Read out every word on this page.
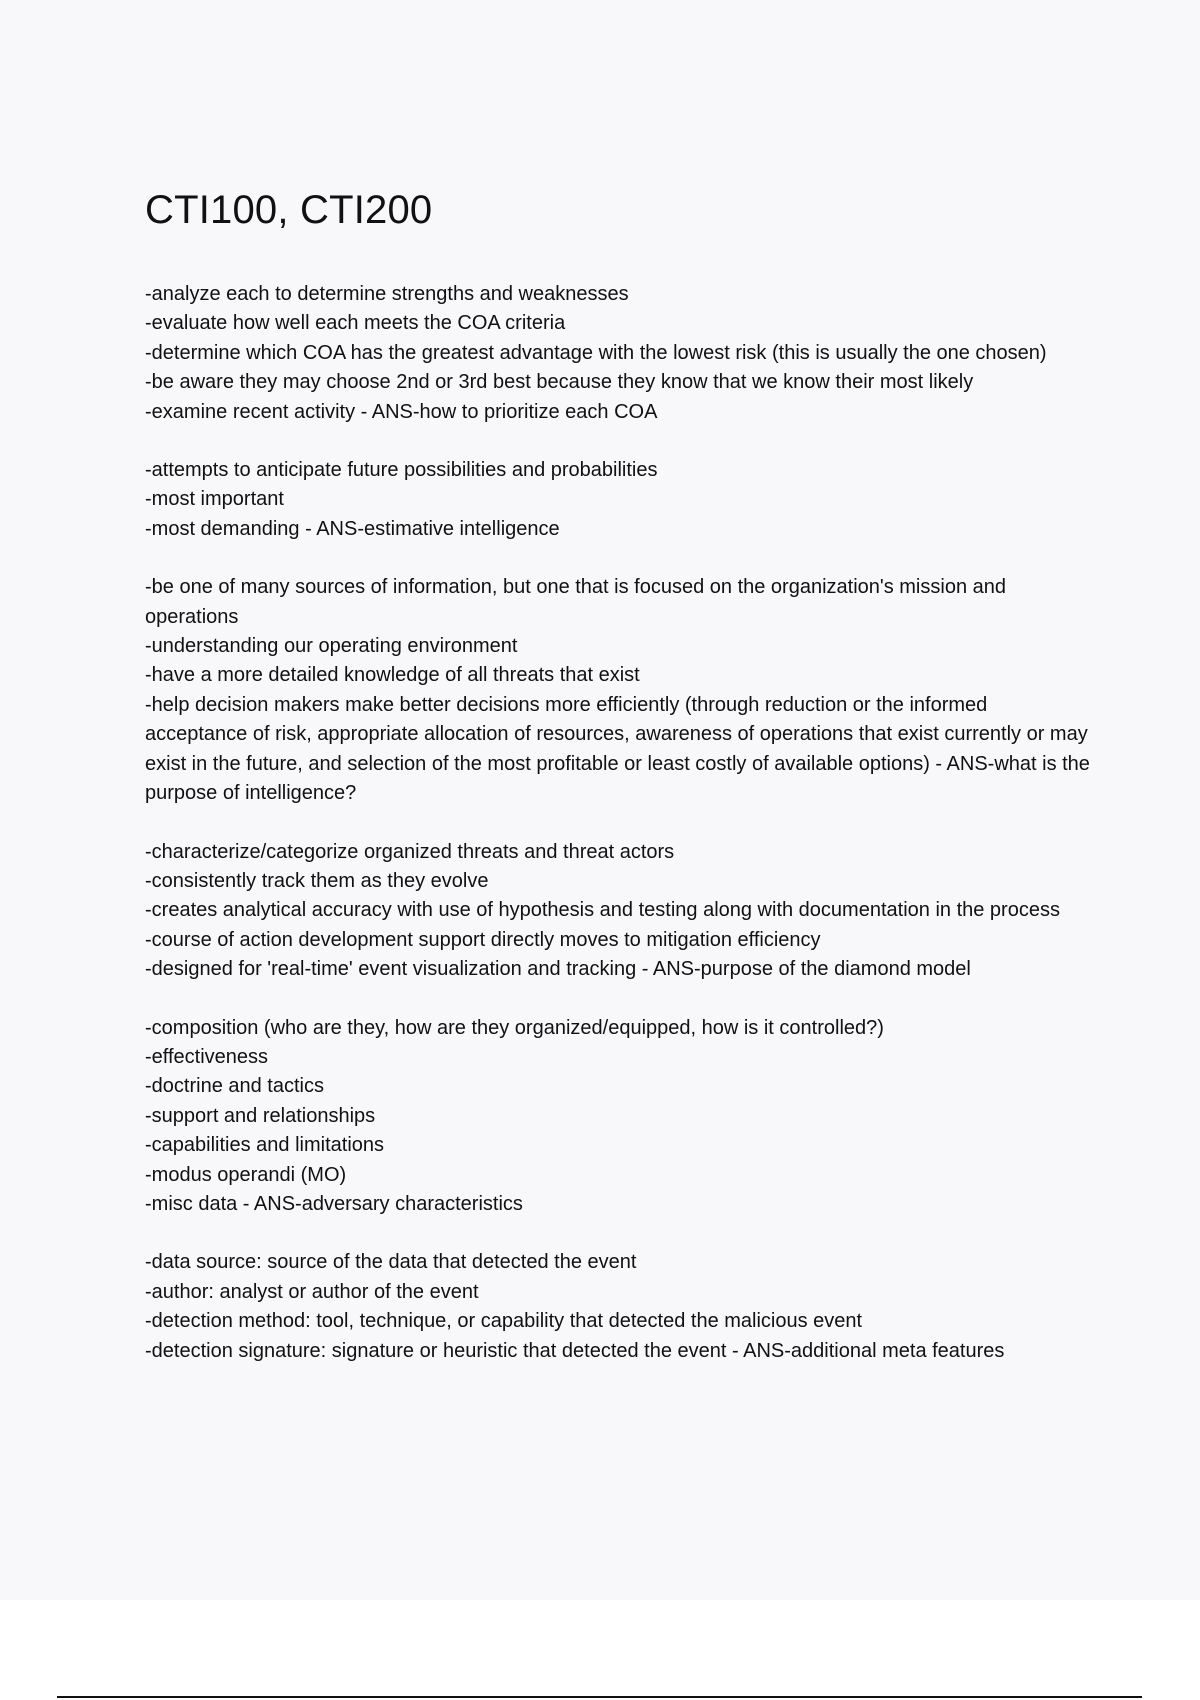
CTI100, CTI200

-analyze each to determine strengths and weaknesses

-evaluate how well each meets the COA criteria

-determine which COA has the greatest advantage with the lowest risk (this is usually the one chosen)

-be aware they may choose 2nd or 3rd best because they know that we know their most likely

-examine recent activity - ANS-how to prioritize each COA

-attempts to anticipate future possibilities and probabilities

-most important

-most demanding - ANS-estimative intelligence

-be one of many sources of information, but one that is focused on the organization's mission and operations

-understanding our operating environment

-have a more detailed knowledge of all threats that exist

-help decision makers make better decisions more efficiently (through reduction or the informed acceptance of risk, appropriate allocation of resources, awareness of operations that exist currently or may exist in the future, and selection of the most profitable or least costly of available options) - ANS-what is the purpose of intelligence?

-characterize/categorize organized threats and threat actors

-consistently track them as they evolve

-creates analytical accuracy with use of hypothesis and testing along with documentation in the process

-course of action development support directly moves to mitigation efficiency

-designed for 'real-time' event visualization and tracking - ANS-purpose of the diamond model

-composition (who are they, how are they organized/equipped, how is it controlled?)

-effectiveness

-doctrine and tactics

-support and relationships

-capabilities and limitations

-modus operandi (MO)

-misc data - ANS-adversary characteristics

-data source: source of the data that detected the event

-author: analyst or author of the event

-detection method: tool, technique, or capability that detected the malicious event

-detection signature: signature or heuristic that detected the event - ANS-additional meta features
